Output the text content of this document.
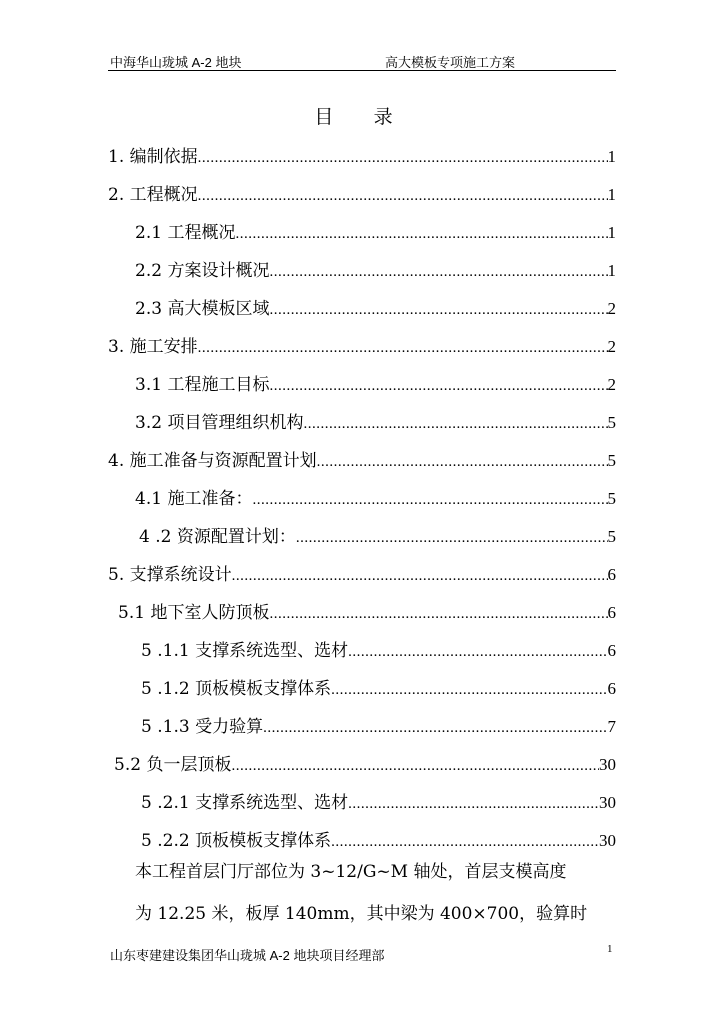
中海华山珑城 A-2 地块	高大模板专项施工方案
目 录
1. 编制依据 .....	1
2. 工程概况 .....	1
2.1 工程概况 .....	1
2.2 方案设计概况 .....	1
2.3 高大模板区域 .....	2
3. 施工安排 .....	2
3.1 工程施工目标 .....	2
3.2 项目管理组织机构 .....	5
4. 施工准备与资源配置计划 .....	5
4.1 施工准备： .....	5
4 .2 资源配置计划： .....	5
5. 支撑系统设计 .....	6
5.1 地下室人防顶板 .....	6
5 .1.1 支撑系统选型、选材 .....	6
5 .1.2 顶板模板支撑体系 .....	6
5 .1.3 受力验算 .....	7
5.2 负一层顶板 .....	30
5 .2.1 支撑系统选型、选材 .....	30
5 .2.2 顶板模板支撑体系 .....	30
本工程首层门厅部位为 3~12/G~M 轴处，首层支模高度
为 12.25 米，板厚 140mm，其中梁为 400×700，验算时
山东枣建建设集团华山珑城 A-2 地块项目经理部	1
